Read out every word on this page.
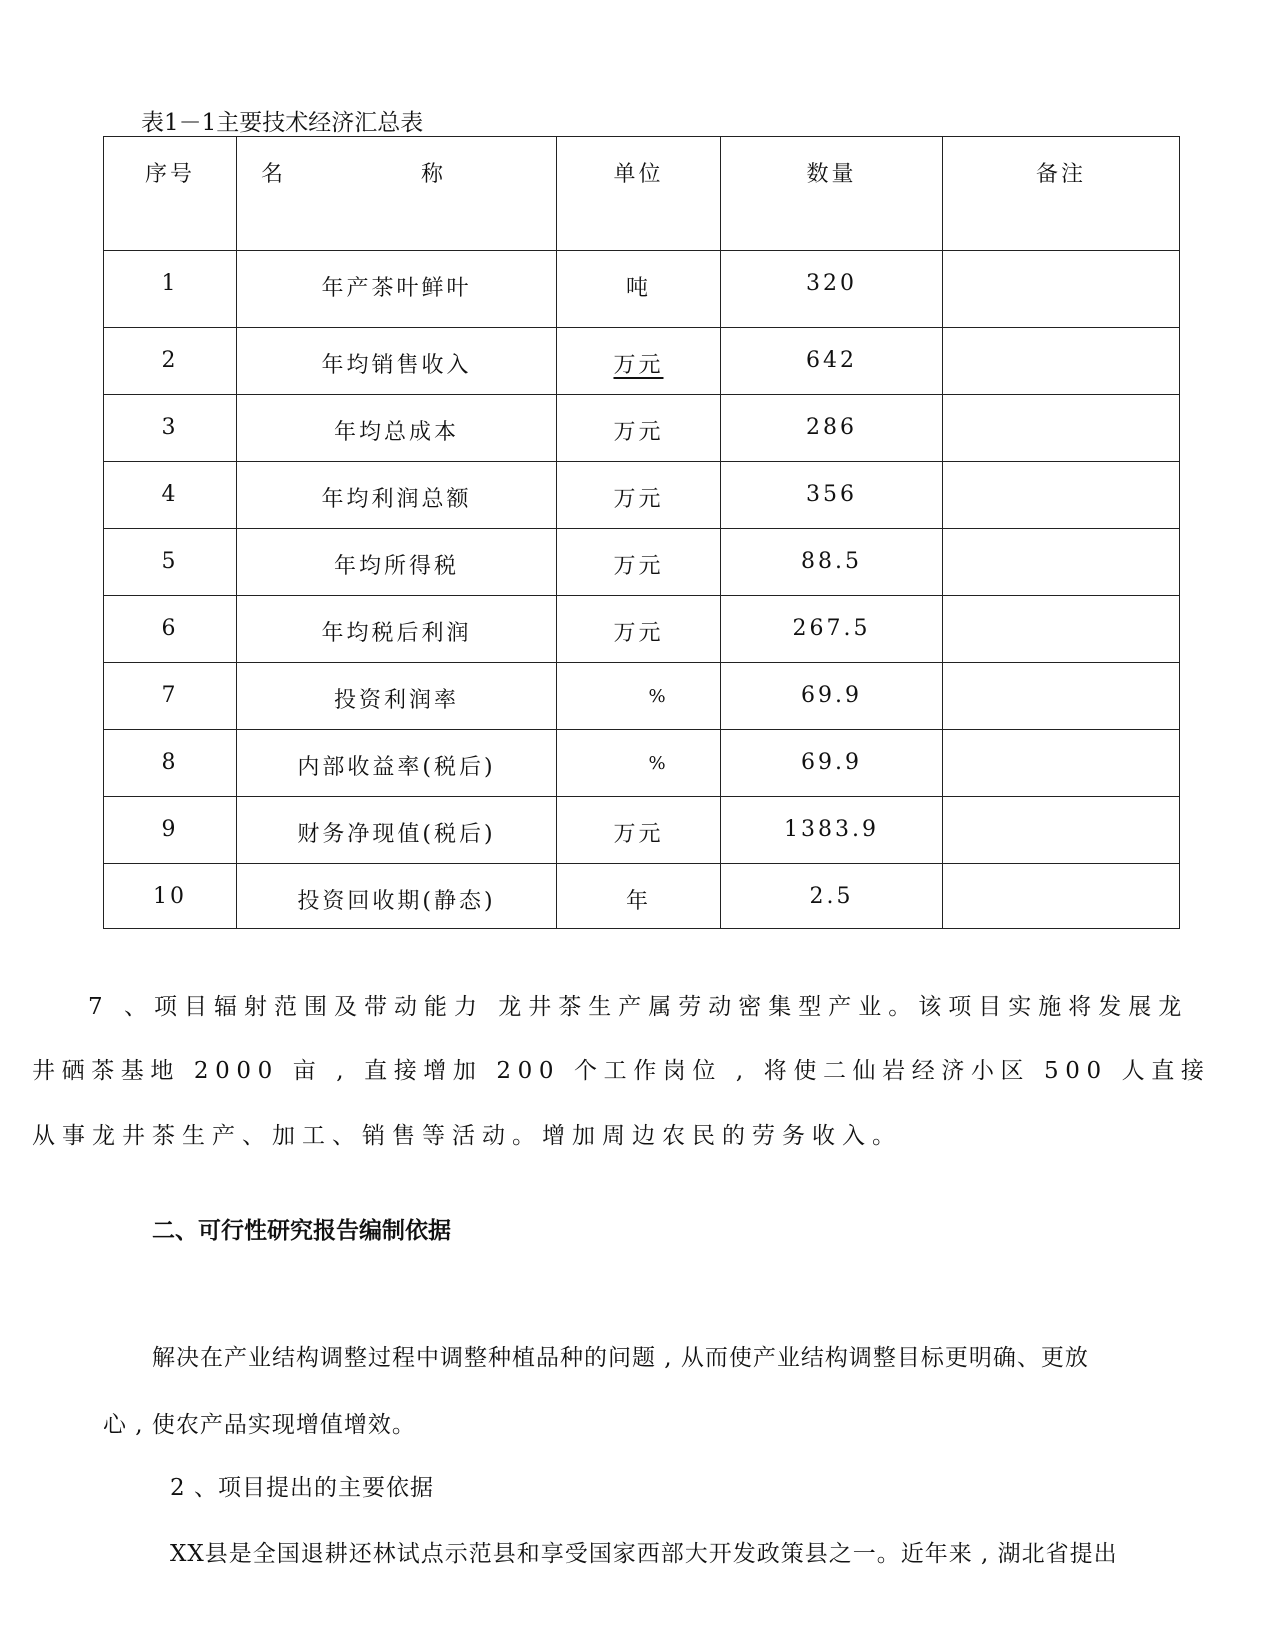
表1－1主要技术经济汇总表
序号	名 称	单位	数量	备注

1	年产茶叶鲜叶	吨	320	

2	年均销售收入	万元	642	

3	年均总成本	万元	286	

4	年均利润总额	万元	356	

5	年均所得税	万元	88.5	

6	年均税后利润	万元	267.5	

7	投资利润率	%	69.9	

8	内部收益率(税后)	%	69.9	

9	财务净现值(税后)	万元	1383.9	

10	投资回收期(静态)	年	2.5	

7 、项目辐射范围及带动能力 龙井茶生产属劳动密集型产业。该项目实施将发展龙
井硒茶基地 2000 亩 , 直接增加 200 个工作岗位 , 将使二仙岩经济小区 500 人直接
从事龙井茶生产、加工、销售等活动。增加周边农民的劳务收入。
二、可行性研究报告编制依据
解决在产业结构调整过程中调整种植品种的问题 , 从而使产业结构调整目标更明确、更放
心 , 使农产品实现增值增效。
2 、项目提出的主要依据
XX县是全国退耕还林试点示范县和享受国家西部大开发政策县之一。近年来 , 湖北省提出
